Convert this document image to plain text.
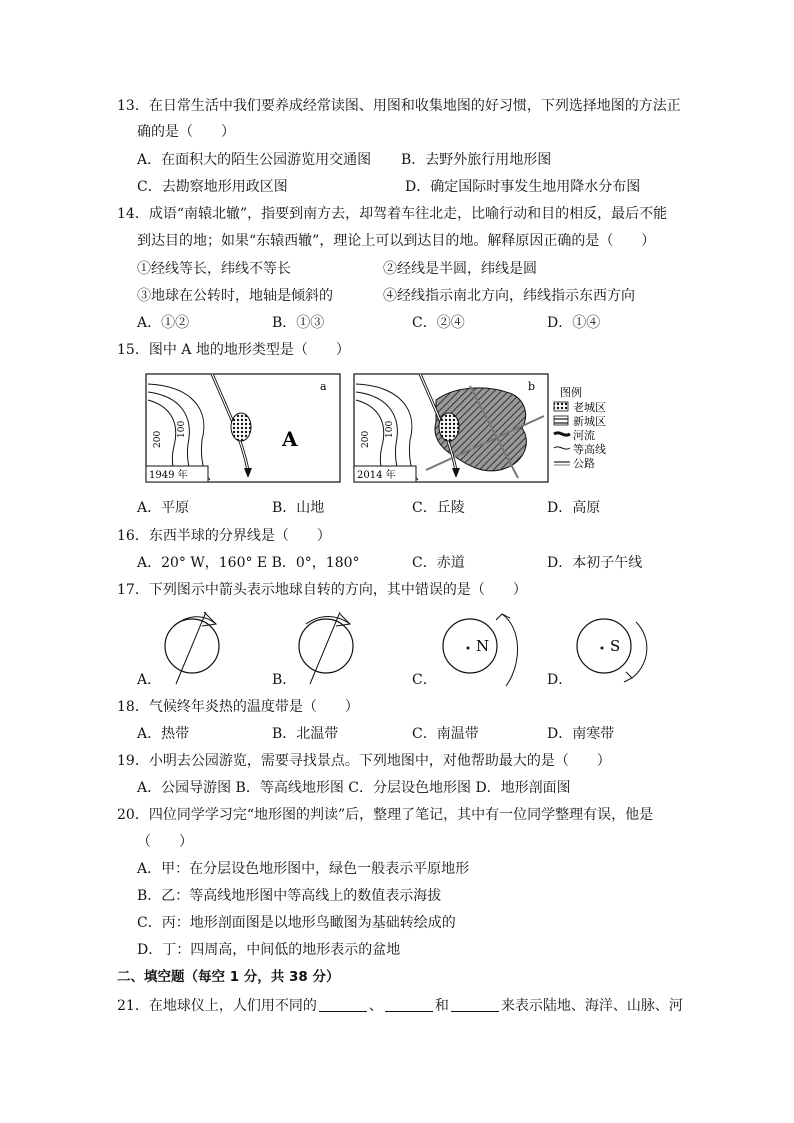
13．在日常生活中我们要养成经常读图、用图和收集地图的好习惯，下列选择地图的方法正
确的是（　　）
A．在面积大的陌生公园游览用交通图 B．去野外旅行用地形图
C．去勘察地形用政区图	D．确定国际时事发生地用降水分布图
14．成语“南辕北辙”，指要到南方去，却驾着车往北走，比喻行动和目的相反，最后不能
到达目的地；如果“东辕西辙”，理论上可以到达目的地。解释原因正确的是（　　）
①经线等长，纬线不等长	②经线是半圆，纬线是圆
③地球在公转时，地轴是倾斜的	④经线指示南北方向，纬线指示东西方向
A．①②	B．①③	C．②④	D．①④
15．图中 A 地的地形类型是（　　）
200
100	A
a
1949 年
200
100
b
2014 年
图例
老城区
新城区
河流
等高线
公路
A．平原	B．山地	C．丘陵	D．高原
16．东西半球的分界线是（　　）
A．20° W，160° E B．0°，180°	C．赤道	D．本初子午线
17．下列图示中箭头表示地球自转的方向，其中错误的是（　　）
N	S
A．	B．	C．	D．
18．气候终年炎热的温度带是（　　）
A．热带	B．北温带	C．南温带	D．南寒带
19．小明去公园游览，需要寻找景点。下列地图中，对他帮助最大的是（　　）
A．公园导游图 B．等高线地形图 C．分层设色地形图 D．地形剖面图
20．四位同学学习完“地形图的判读”后，整理了笔记，其中有一位同学整理有误，他是
（　　）
A．甲：在分层设色地形图中，绿色一般表示平原地形
B．乙：等高线地形图中等高线上的数值表示海拔
C．丙：地形剖面图是以地形鸟瞰图为基础转绘成的
D．丁：四周高，中间低的地形表示的盆地
二、填空题（每空 1 分，共 38 分）
21．在地球仪上，人们用不同的	、	和	来表示陆地、海洋、山脉、河
